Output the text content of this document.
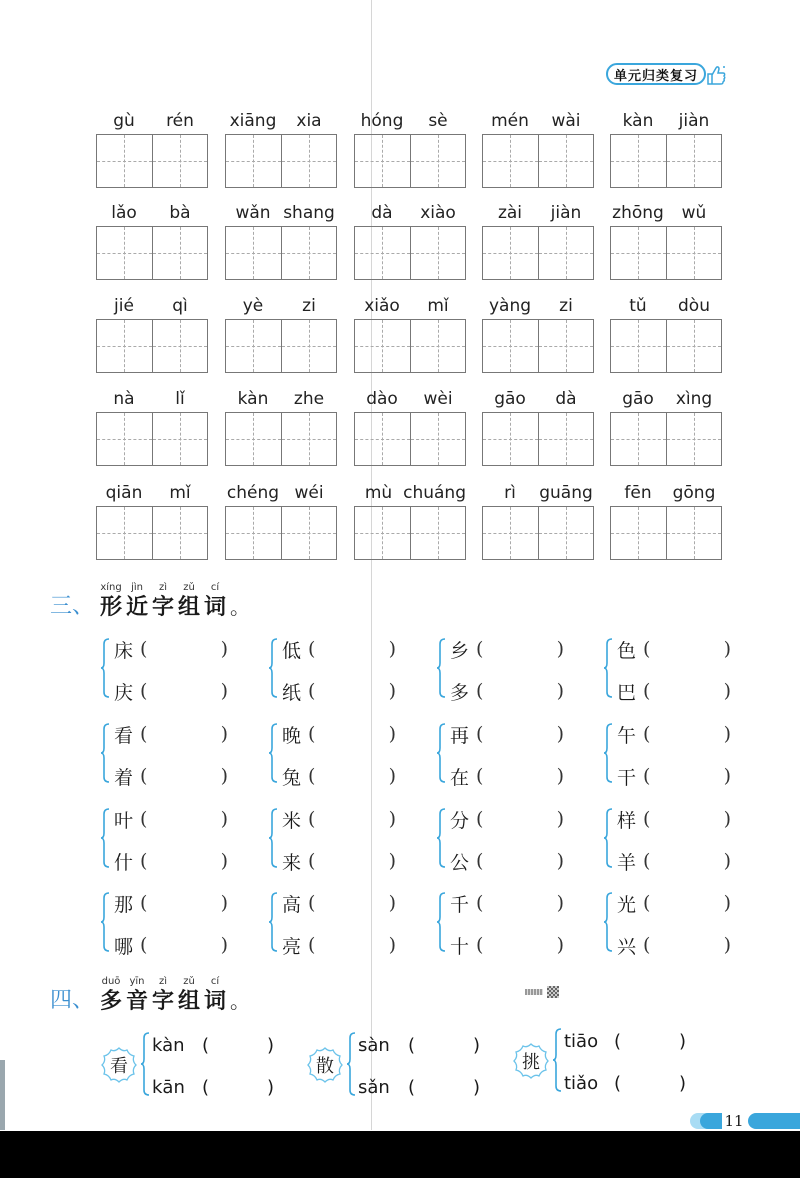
单元归类复习
gù	rén	xiāng	xia	hóng	sè	mén	wài	kàn	jiàn
lǎo	bà	wǎn shang	dà	xiào	zài	jiàn	zhōng	wǔ
jié	qì	yè	zi	xiǎo	mǐ	yàng	zi	tǔ	dòu
nà	lǐ	kàn	zhe	dào	wèi	gāo	dà	gāo	xìng
qiān	mǐ	chéng wéi	mù chuáng	rì	guāng	fēn	gōng
三、
xíng
形
jìn
近
zì
字
zǔ
组
cí
词 。
床 (	)
庆 (	)
低 (	)
纸 (	)
乡 (	)
多 (	)
色 (	)
巴 (	)
看 (	)
着 (	)
晚 (	)
兔 (	)
再 (	)
在 (	)
午 (	)
干 (	)
叶 (	)
什 (	)
米 (	)
来 (	)
分 (	)
公 (	)
样 (	)
羊 (	)
那 (	)
哪 (	)
高 (	)
亮 (	)
千 (	)
十 (	)
光 (	)
兴 (	)
四、
duō
多
yīn
音
zì
字
zǔ
组
cí
词 。
看
kàn (	)
kān (	)
散
sàn	(	)
sǎn	(	)
挑
tiāo (	)
tiǎo (	)
11
